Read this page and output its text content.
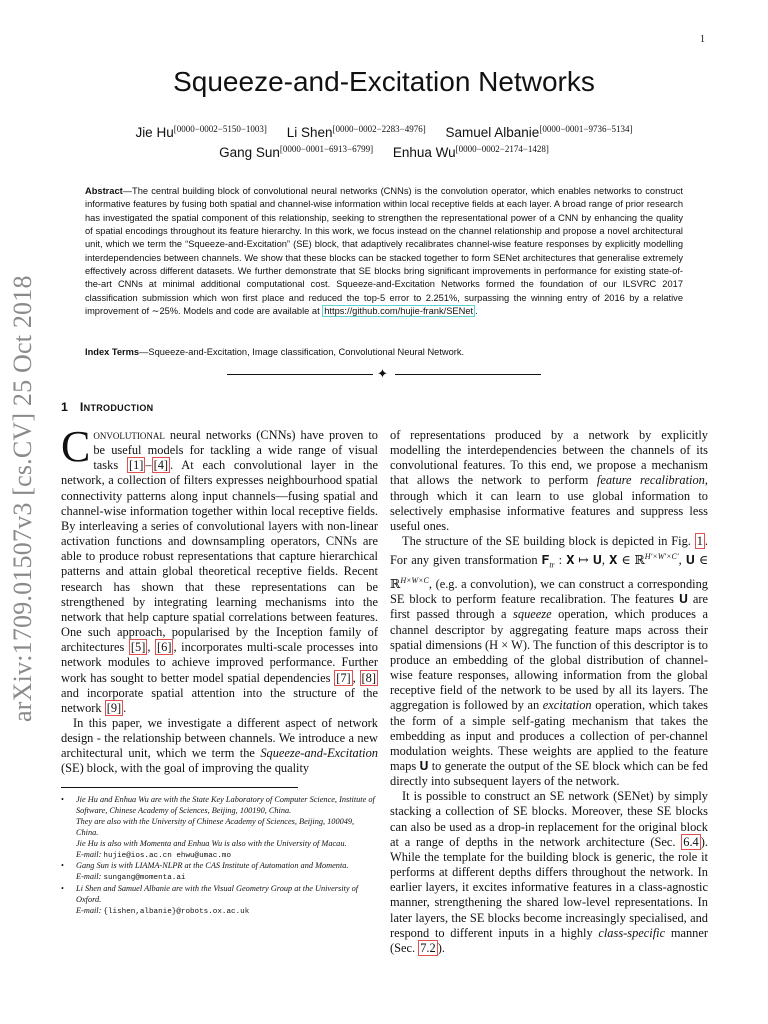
1
arXiv:1709.01507v3 [cs.CV] 25 Oct 2018
Squeeze-and-Excitation Networks
Jie Hu[0000−0002−5150−1003] Li Shen[0000−0002−2283−4976] Samuel Albanie[0000−0001−9736−5134]
Gang Sun[0000−0001−6913−6799] Enhua Wu[0000−0002−2174−1428]
Abstract—The central building block of convolutional neural networks (CNNs) is the convolution operator, which enables networks to construct informative features by fusing both spatial and channel-wise information within local receptive fields at each layer. A broad range of prior research has investigated the spatial component of this relationship, seeking to strengthen the representational power of a CNN by enhancing the quality of spatial encodings throughout its feature hierarchy. In this work, we focus instead on the channel relationship and propose a novel architectural unit, which we term the “Squeeze-and-Excitation” (SE) block, that adaptively recalibrates channel-wise feature responses by explicitly modelling interdependencies between channels. We show that these blocks can be stacked together to form SENet architectures that generalise extremely effectively across different datasets. We further demonstrate that SE blocks bring significant improvements in performance for existing state-of-the-art CNNs at minimal additional computational cost. Squeeze-and-Excitation Networks formed the foundation of our ILSVRC 2017 classification submission which won first place and reduced the top-5 error to 2.251%, surpassing the winning entry of 2016 by a relative improvement of ∼25%. Models and code are available at https://github.com/hujie-frank/SENet .
Index Terms—Squeeze-and-Excitation, Image classification, Convolutional Neural Network.
✦
1 Introduction

Convolutional neural networks (CNNs) have proven to be useful models for tackling a wide range of visual tasks [1] – [4] . At each convolutional layer in the network, a collection of filters expresses neighbourhood spatial connectivity patterns along input channels—fusing spatial and channel-wise information together within local receptive fields. By interleaving a series of convolutional layers with non-linear activation functions and downsampling operators, CNNs are able to produce robust representations that capture hierarchical patterns and attain global theoretical receptive fields. Recent research has shown that these representations can be strengthened by integrating learning mechanisms into the network that help capture spatial correlations between features. One such approach, popularised by the Inception family of architectures [5] , [6] , incorporates multi-scale processes into network modules to achieve improved performance. Further work has sought to better model spatial dependencies [7] , [8] and incorporate spatial attention into the structure of the network [9] .

In this paper, we investigate a different aspect of network design - the relationship between channels. We introduce a new architectural unit, which we term the Squeeze-and-Excitation (SE) block, with the goal of improving the quality

• Jie Hu and Enhua Wu are with the State Key Laboratory of Computer Science, Institute of Software, Chinese Academy of Sciences, Beijing, 100190, China.
They are also with the University of Chinese Academy of Sciences, Beijing, 100049, China.
Jie Hu is also with Momenta and Enhua Wu is also with the University of Macau.
E-mail: hujie@ios.ac.cn ehwu@umac.mo
• Gang Sun is with LIAMA-NLPR at the CAS Institute of Automation and Momenta.
E-mail: sungang@momenta.ai
• Li Shen and Samuel Albanie are with the Visual Geometry Group at the University of Oxford.
E-mail: {lishen,albanie}@robots.ox.ac.uk

of representations produced by a network by explicitly modelling the interdependencies between the channels of its convolutional features. To this end, we propose a mechanism that allows the network to perform feature recalibration, through which it can learn to use global information to selectively emphasise informative features and suppress less useful ones.

The structure of the SE building block is depicted in Fig. 1 . For any given transformation 𝐅$_{tr}$ : 𝐗 ↦ 𝐔, 𝐗 ∈ ℝ$^{H'\times W'\times C'}$, 𝐔 ∈ ℝ$^{H\times W\times C}$, (e.g. a convolution), we can construct a corresponding SE block to perform feature recalibration. The features 𝐔 are first passed through a squeeze operation, which produces a channel descriptor by aggregating feature maps across their spatial dimensions (H × W). The function of this descriptor is to produce an embedding of the global distribution of channel-wise feature responses, allowing information from the global receptive field of the network to be used by all its layers. The aggregation is followed by an excitation operation, which takes the form of a simple self-gating mechanism that takes the embedding as input and produces a collection of per-channel modulation weights. These weights are applied to the feature maps 𝐔 to generate the output of the SE block which can be fed directly into subsequent layers of the network.

It is possible to construct an SE network (SENet) by simply stacking a collection of SE blocks. Moreover, these SE blocks can also be used as a drop-in replacement for the original block at a range of depths in the network architecture (Sec. 6.4 ). While the template for the building block is generic, the role it performs at different depths differs throughout the network. In earlier layers, it excites informative features in a class-agnostic manner, strengthening the shared low-level representations. In later layers, the SE blocks become increasingly specialised, and respond to different inputs in a highly class-specific manner (Sec. 7.2 ).
